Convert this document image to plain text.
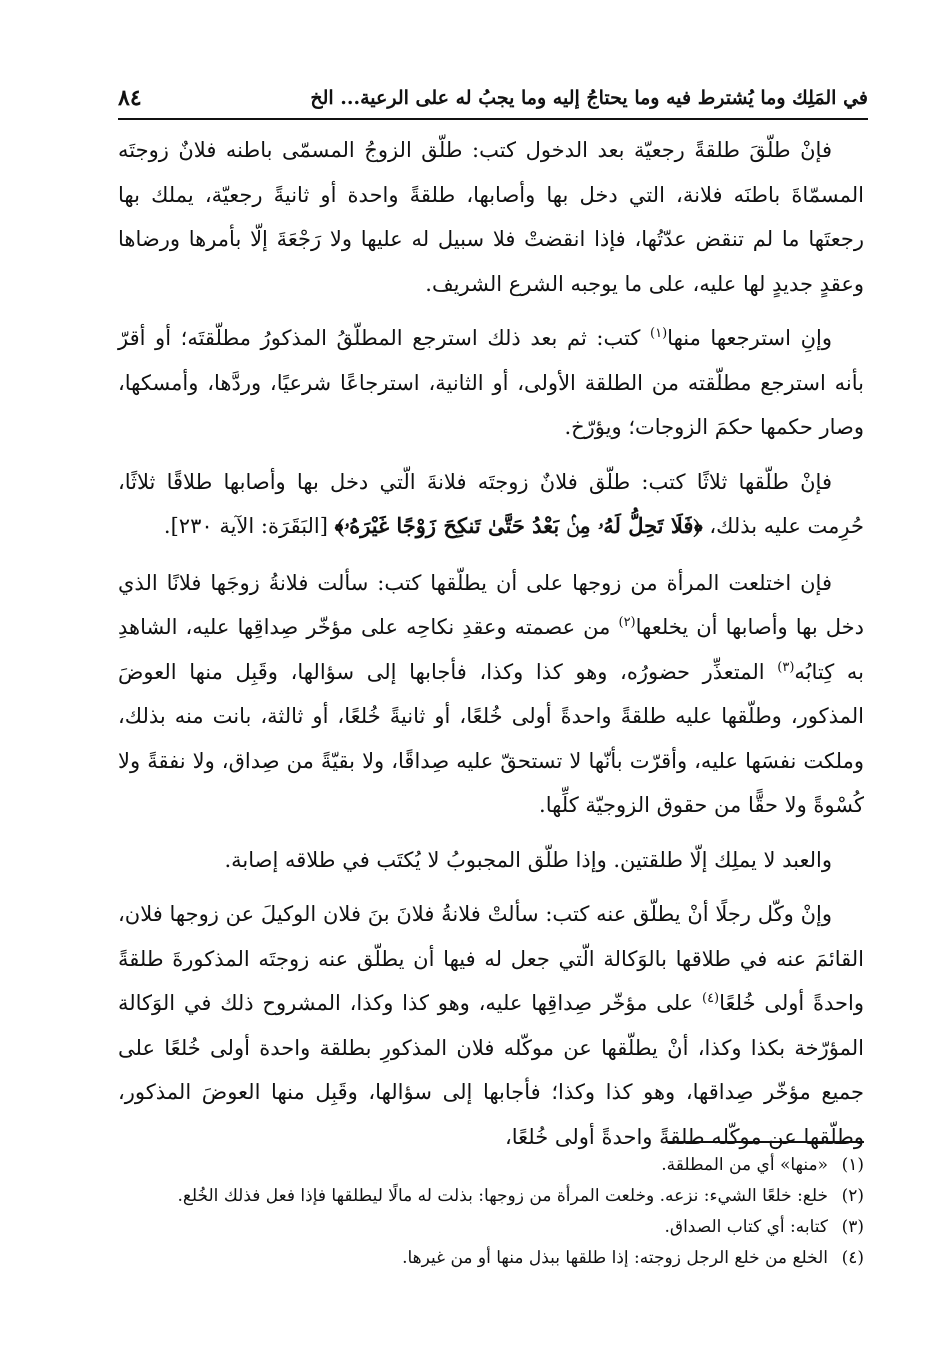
في المَلِك وما يُشترط فيه وما يحتاجُ إليه وما يجبُ له على الرعية... الخ
٨٤

فإنْ طلّقَ طلقةً رجعيّة بعد الدخول كتب: طلّق الزوجُ المسمّى باطنه فلانٌ زوجتَه المسمّاةَ باطنَه فلانة، التي دخل بها وأصابها، طلقةً واحدة أو ثانيةً رجعيّة، يملك بها رجعتَها ما لم تنقض عدّتُها، فإذا انقضتْ فلا سبيل له عليها ولا رَجْعَةَ إلّا بأمرها ورضاها وعقدٍ جديدٍ لها عليه، على ما يوجبه الشرع الشريف.

وإنِ استرجعها منها$^{(١)}$ كتب: ثم بعد ذلك استرجع المطلّقُ المذكورُ مطلّقتَه؛ أو أقرّ بأنه استرجع مطلّقته من الطلقة الأولى، أو الثانية، استرجاعًا شرعيًا، وردَّها، وأمسكها، وصار حكمها حكمَ الزوجات؛ ويؤرّخ.

فإنْ طلّقها ثلاثًا كتب: طلّق فلانٌ زوجتَه فلانةَ الّتي دخل بها وأصابها طلاقًا ثلاثًا، حُرِمت عليه بذلك، ﴿فَلَا تَحِلُّ لَهُۥ مِنۢ بَعْدُ حَتَّىٰ تَنكِحَ زَوْجًا غَيْرَهُۥ﴾ [البَقَرَة: الآية ٢٣٠].

فإن اختلعت المرأة من زوجها على أن يطلّقها كتب: سألت فلانةُ زوجَها فلانًا الذي دخل بها وأصابها أن يخلعها$^{(٢)}$ من عصمته وعقدِ نكاحِه على مؤخّر صِداقِها عليه، الشاهدِ به كِتابُه$^{(٣)}$ المتعذِّر حضورُه، وهو كذا وكذا، فأجابها إلى سؤالها، وقَبِل منها العوضَ المذكور، وطلّقها عليه طلقةً واحدةً أولى خُلعًا، أو ثانيةً خُلعًا، أو ثالثة، بانت منه بذلك، وملكت نفسَها عليه، وأقرّت بأنّها لا تستحقّ عليه صِداقًا، ولا بقيّةً من صِداق، ولا نفقةً ولا كُسْوةً ولا حقًّا من حقوق الزوجيّة كلِّها.

والعبد لا يملِك إلّا طلقتين. وإذا طلّق المجبوبُ لا يُكتَب في طلاقه إصابة.

وإنْ وكّل رجلًا أنْ يطلّق عنه كتب: سألتْ فلانةُ فلانَ بنَ فلان الوكيلَ عن زوجها فلان، القائمَ عنه في طلاقها بالوَكالة الّتي جعل له فيها أن يطلّق عنه زوجتَه المذكورةَ طلقةً واحدةً أولى خُلعًا$^{(٤)}$ على مؤخّر صِداقِها عليه، وهو كذا وكذا، المشروح ذلك في الوَكالة المؤرّخة بكذا وكذا، أنْ يطلّقها عن موكّله فلان المذكورِ بطلقة واحدة أولى خُلعًا على جميع مؤخّر صِداقها، وهو كذا وكذا؛ فأجابها إلى سؤالها، وقَبِل منها العوضَ المذكور، وطلّقها عن موكّله طلقةً واحدةً أولى خُلعًا،

(١)
«منها» أي من المطلقة.
(٢)
خلع: خلعًا الشيء: نزعه. وخلعت المرأة من زوجها: بذلت له مالًا ليطلقها فإذا فعل فذلك الخُلع.
(٣)
كتابه: أي كتاب الصداق.
(٤)
الخلع من خلع الرجل زوجته: إذا طلقها ببذل منها أو من غيرها.
